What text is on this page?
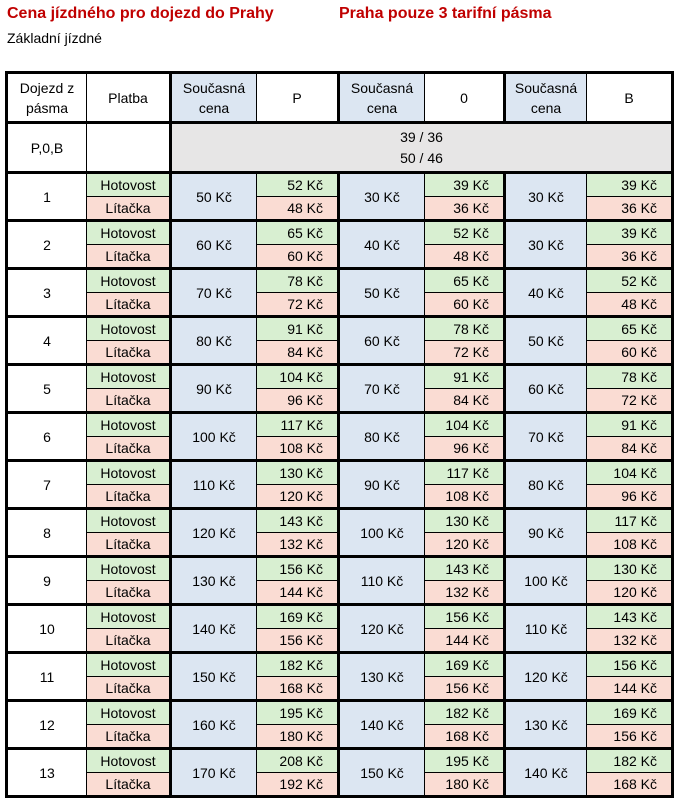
Cena jízdného pro dojezd do Prahy	Praha pouze 3 tarifní pásma
Základní jízdné
Dojezd z pásma	Platba	Současná cena	P	Současná cena	0	Současná cena	B
P,0,B		39 / 36
50 / 46					

1	Hotovost	50 Kč	52 Kč	30 Kč	39 Kč	30 Kč	39 Kč
	Lítačka		48 Kč		36 Kč		36 Kč
2	Hotovost	60 Kč	65 Kč	40 Kč	52 Kč	30 Kč	39 Kč
	Lítačka		60 Kč		48 Kč		36 Kč
3	Hotovost	70 Kč	78 Kč	50 Kč	65 Kč	40 Kč	52 Kč
	Lítačka		72 Kč		60 Kč		48 Kč
4	Hotovost	80 Kč	91 Kč	60 Kč	78 Kč	50 Kč	65 Kč
	Lítačka		84 Kč		72 Kč		60 Kč
5	Hotovost	90 Kč	104 Kč	70 Kč	91 Kč	60 Kč	78 Kč
	Lítačka		96 Kč		84 Kč		72 Kč
6	Hotovost	100 Kč	117 Kč	80 Kč	104 Kč	70 Kč	91 Kč
	Lítačka		108 Kč		96 Kč		84 Kč
7	Hotovost	110 Kč	130 Kč	90 Kč	117 Kč	80 Kč	104 Kč
	Lítačka		120 Kč		108 Kč		96 Kč
8	Hotovost	120 Kč	143 Kč	100 Kč	130 Kč	90 Kč	117 Kč
	Lítačka		132 Kč		120 Kč		108 Kč
9	Hotovost	130 Kč	156 Kč	110 Kč	143 Kč	100 Kč	130 Kč
	Lítačka		144 Kč		132 Kč		120 Kč
10	Hotovost	140 Kč	169 Kč	120 Kč	156 Kč	110 Kč	143 Kč
	Lítačka		156 Kč		144 Kč		132 Kč
11	Hotovost	150 Kč	182 Kč	130 Kč	169 Kč	120 Kč	156 Kč
	Lítačka		168 Kč		156 Kč		144 Kč
12	Hotovost	160 Kč	195 Kč	140 Kč	182 Kč	130 Kč	169 Kč
	Lítačka		180 Kč		168 Kč		156 Kč
13	Hotovost	170 Kč	208 Kč	150 Kč	195 Kč	140 Kč	182 Kč
	Lítačka		192 Kč		180 Kč		168 Kč
